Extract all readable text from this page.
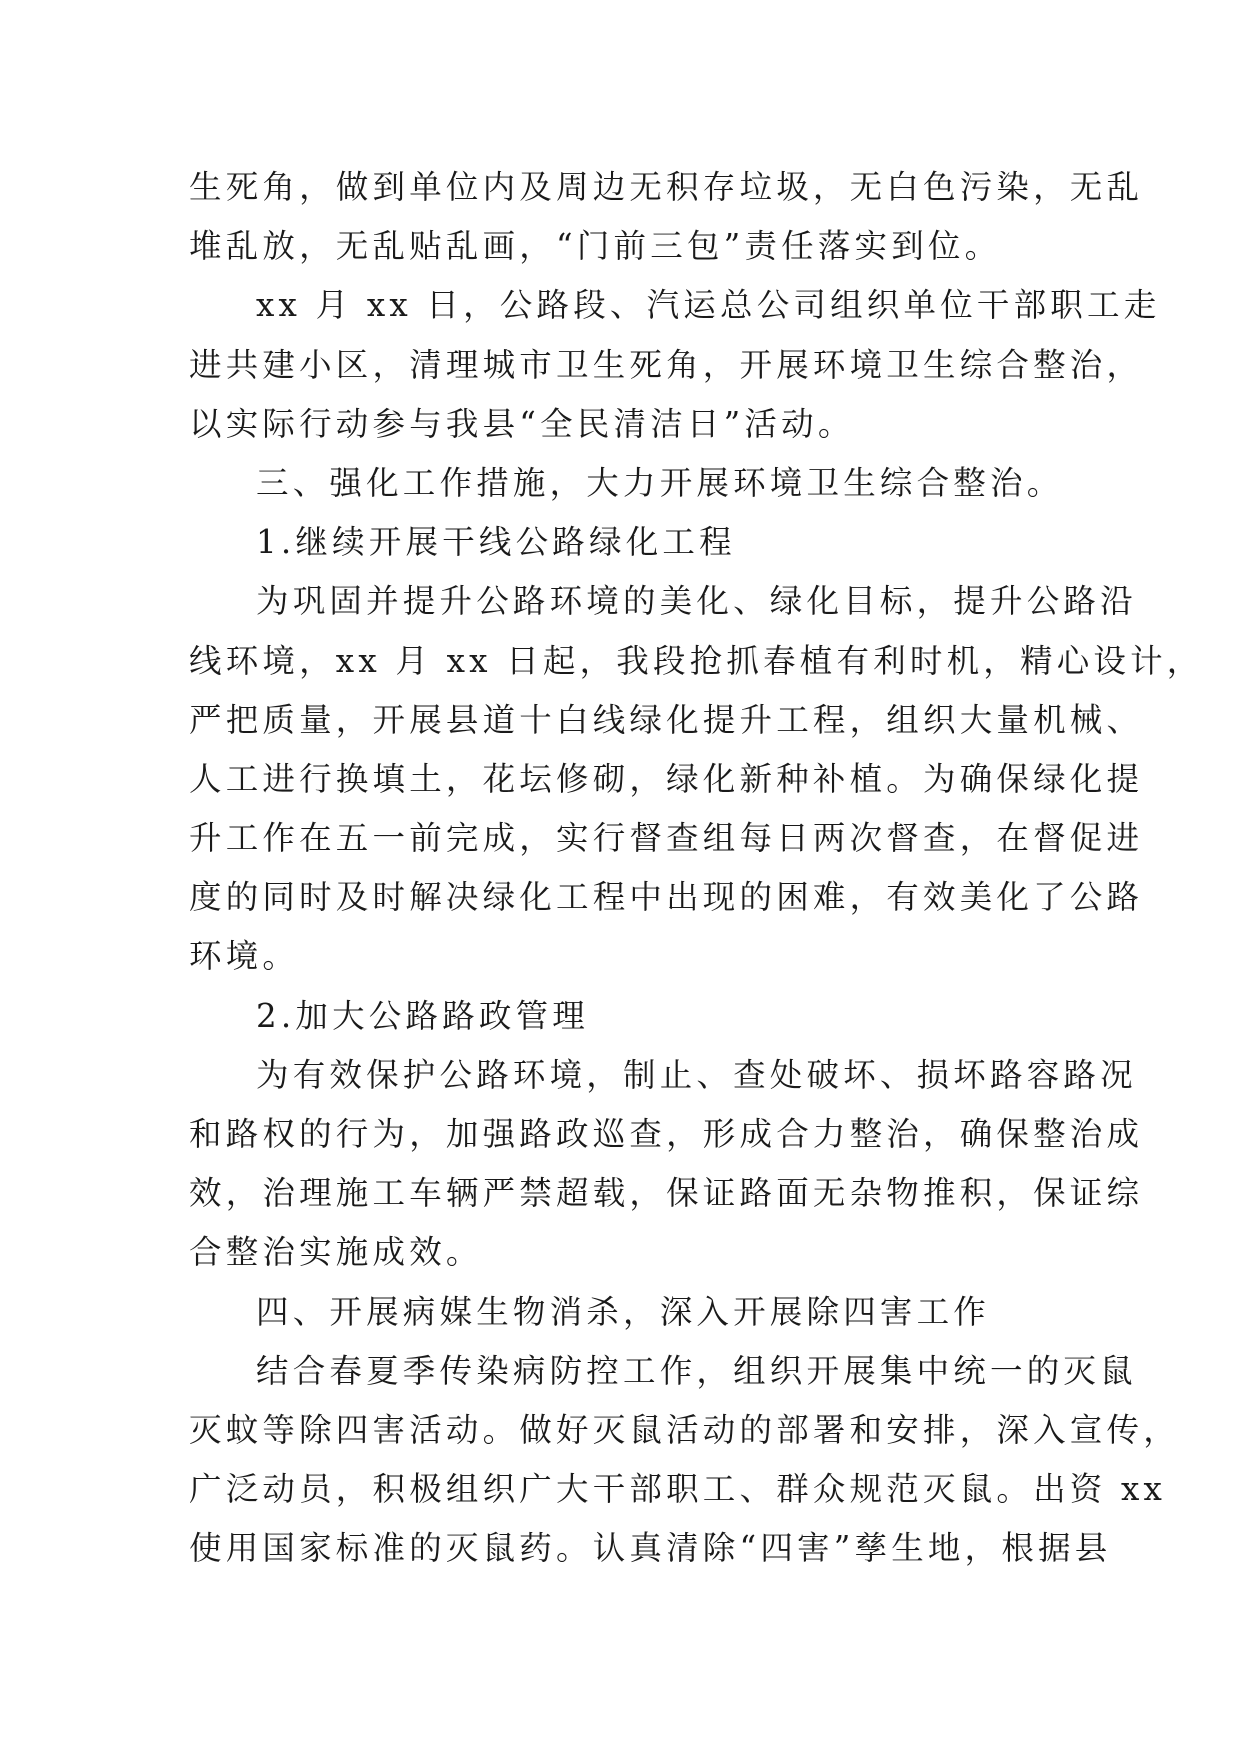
生死角，做到单位内及周边无积存垃圾，无白色污染，无乱
堆乱放，无乱贴乱画，“门前三包”责任落实到位。
xx 月 xx 日，公路段、汽运总公司组织单位干部职工走
进共建小区，清理城市卫生死角，开展环境卫生综合整治，
以实际行动参与我县“全民清洁日”活动。
三、强化工作措施，大力开展环境卫生综合整治。
1.继续开展干线公路绿化工程
为巩固并提升公路环境的美化、绿化目标，提升公路沿
线环境，xx 月 xx 日起，我段抢抓春植有利时机，精心设计，
严把质量，开展县道十白线绿化提升工程，组织大量机械、
人工进行换填土，花坛修砌，绿化新种补植。为确保绿化提
升工作在五一前完成，实行督查组每日两次督查，在督促进
度的同时及时解决绿化工程中出现的困难，有效美化了公路
环境。
2.加大公路路政管理
为有效保护公路环境，制止、查处破坏、损坏路容路况
和路权的行为，加强路政巡查，形成合力整治，确保整治成
效，治理施工车辆严禁超载，保证路面无杂物推积，保证综
合整治实施成效。
四、开展病媒生物消杀，深入开展除四害工作
结合春夏季传染病防控工作，组织开展集中统一的灭鼠
灭蚊等除四害活动。做好灭鼠活动的部署和安排，深入宣传，
广泛动员，积极组织广大干部职工、群众规范灭鼠。出资 xx
使用国家标准的灭鼠药。认真清除“四害”孳生地，根据县
